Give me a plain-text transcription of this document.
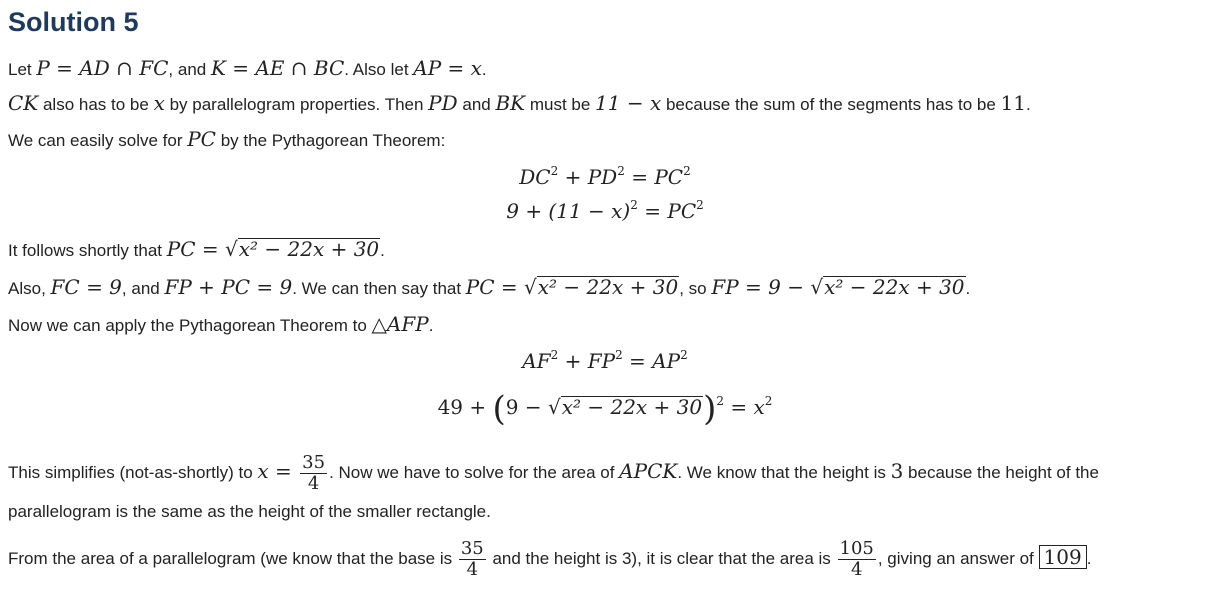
Solution 5
Let P = AD ∩ FC, and K = AE ∩ BC. Also let AP = x.
CK also has to be x by parallelogram properties. Then PD and BK must be 11 − x because the sum of the segments has to be 11.
We can easily solve for PC by the Pythagorean Theorem:
$DC^2 + PD^2 = PC^2$
$9 + (11 - x)^2 = PC^2$
It follows shortly that PC = √x² − 22x + 30.
Also, FC = 9, and FP + PC = 9. We can then say that PC = √x² − 22x + 30, so FP = 9 − √x² − 22x + 30.
Now we can apply the Pythagorean Theorem to △AFP.
$AF^2 + FP^2 = AP^2$
$49 + (9 - √x^2 - 22x + 30)^2 = x^2$
This simplifies (not-as-shortly) to $x = \frac{35}{4}$ . Now we have to solve for the area of APCK. We know that the height is 3 because the height of the
parallelogram is the same as the height of the smaller rectangle.
From the area of a parallelogram (we know that the base is $\frac{35}{4}$ and the height is 3), it is clear that the area is $\frac{105}{4}$ , giving an answer of 109 .
